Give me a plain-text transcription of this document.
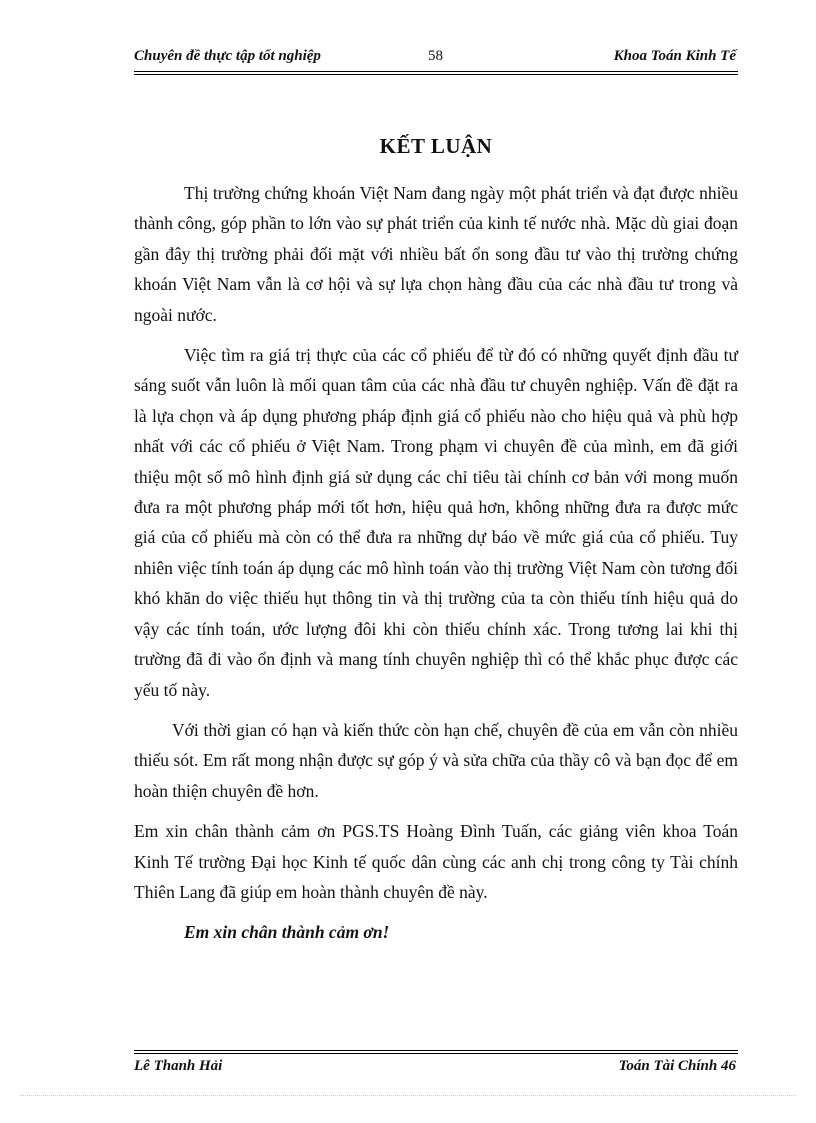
Chuyên đề thực tập tốt nghiệp	58	Khoa Toán Kinh Tế
KẾT LUẬN

Thị trường chứng khoán Việt Nam đang ngày một phát triển và đạt được nhiều thành công, góp phần to lớn vào sự phát triển của kinh tế nước nhà. Mặc dù giai đoạn gần đây thị trường phải đối mặt với nhiều bất ổn song đầu tư vào thị trường chứng khoán Việt Nam vẫn là cơ hội và sự lựa chọn hàng đầu của các nhà đầu tư trong và ngoài nước.

Việc tìm ra giá trị thực của các cổ phiếu để từ đó có những quyết định đầu tư sáng suốt vẫn luôn là mối quan tâm của các nhà đầu tư chuyên nghiệp. Vấn đề đặt ra là lựa chọn và áp dụng phương pháp định giá cổ phiếu nào cho hiệu quả và phù hợp nhất với các cổ phiếu ở Việt Nam. Trong phạm vi chuyên đề của mình, em đã giới thiệu một số mô hình định giá sử dụng các chỉ tiêu tài chính cơ bản với mong muốn đưa ra một phương pháp mới tốt hơn, hiệu quả hơn, không những đưa ra được mức giá của cổ phiếu mà còn có thể đưa ra những dự báo về mức giá của cổ phiếu. Tuy nhiên việc tính toán áp dụng các mô hình toán vào thị trường Việt Nam còn tương đối khó khăn do việc thiếu hụt thông tin và thị trường của ta còn thiếu tính hiệu quả do vậy các tính toán, ước lượng đôi khi còn thiếu chính xác. Trong tương lai khi thị trường đã đi vào ổn định và mang tính chuyên nghiệp thì có thể khắc phục được các yếu tố này.

Với thời gian có hạn và kiến thức còn hạn chế, chuyên đề của em vẫn còn nhiều thiếu sót. Em rất mong nhận được sự góp ý và sửa chữa của thầy cô và bạn đọc để em hoàn thiện chuyên đề hơn.

Em xin chân thành cảm ơn PGS.TS Hoàng Đình Tuấn, các giảng viên khoa Toán Kinh Tế trường Đại học Kinh tế quốc dân cùng các anh chị trong công ty Tài chính Thiên Lang đã giúp em hoàn thành chuyên đề này.

Em xin chân thành cảm ơn!

Lê Thanh Hải	Toán Tài Chính 46
